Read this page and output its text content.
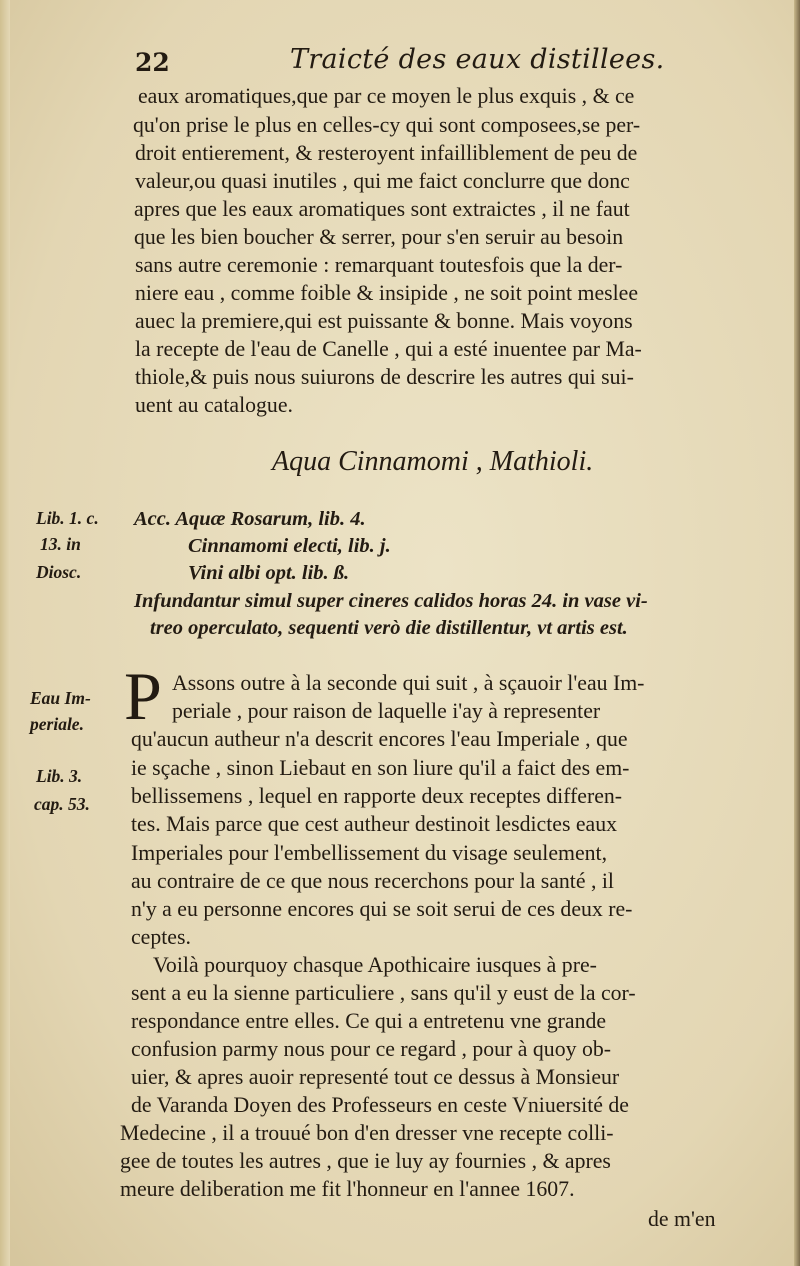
22	Traicté des eaux distillees.
eaux aromatiques,que par ce moyen le plus exquis , & ce
qu'on prise le plus en celles-cy qui sont composees,se per-
droit entierement, & resteroyent infailliblement de peu de
valeur,ou quasi inutiles , qui me faict conclurre que donc
apres que les eaux aromatiques sont extraictes , il ne faut
que les bien boucher & serrer, pour s'en seruir au besoin
sans autre ceremonie : remarquant toutesfois que la der-
niere eau , comme foible & insipide , ne soit point meslee
auec la premiere,qui est puissante & bonne. Mais voyons
la recepte de l'eau de Canelle , qui a esté inuentee par Ma-
thiole,& puis nous suiurons de descrire les autres qui sui-
uent au catalogue.
Aqua Cinnamomi , Mathioli.
Lib. 1. c.
13. in
Diosc.
Acc. Aquæ Rosarum, lib. 4.
Cinnamomi electi, lib. j.
Vini albi opt. lib. ß.
Infundantur simul super cineres calidos horas 24. in vase vi-
treo operculato, sequenti verò die distillentur, vt artis est.
Eau Im-
periale.
Lib. 3.
cap. 53.
P Assons outre à la seconde qui suit , à sçauoir l'eau Im-
periale , pour raison de laquelle i'ay à representer
qu'aucun autheur n'a descrit encores l'eau Imperiale , que
ie sçache , sinon Liebaut en son liure qu'il a faict des em-
bellissemens , lequel en rapporte deux receptes differen-
tes. Mais parce que cest autheur destinoit lesdictes eaux
Imperiales pour l'embellissement du visage seulement,
au contraire de ce que nous recerchons pour la santé , il
n'y a eu personne encores qui se soit serui de ces deux re-
ceptes.
Voilà pourquoy chasque Apothicaire iusques à pre-
sent a eu la sienne particuliere , sans qu'il y eust de la cor-
respondance entre elles. Ce qui a entretenu vne grande
confusion parmy nous pour ce regard , pour à quoy ob-
uier, & apres auoir representé tout ce dessus à Monsieur
de Varanda Doyen des Professeurs en ceste Vniuersité de
Medecine , il a trouué bon d'en dresser vne recepte colli-
gee de toutes les autres , que ie luy ay fournies , & apres
meure deliberation me fit l'honneur en l'annee 1607.
de m'en
